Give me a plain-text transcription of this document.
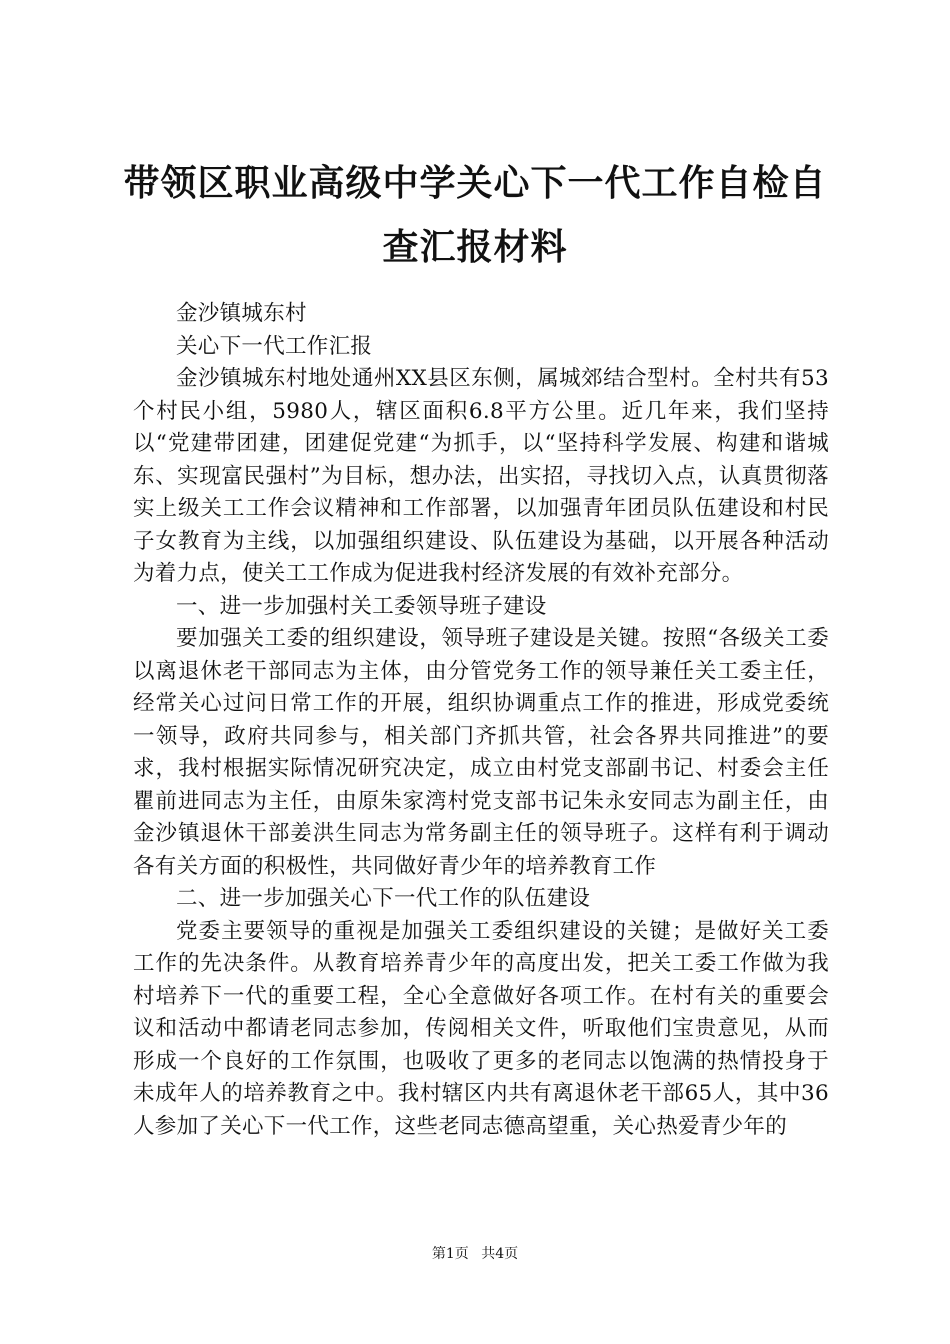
带领区职业高级中学关心下一代工作自检自查汇报材料

金沙镇城东村

关心下一代工作汇报

金沙镇城东村地处通州XX县区东侧，属城郊结合型村。全村共有53个村民小组，5980人，辖区面积6.8平方公里。近几年来，我们坚持以“党建带团建，团建促党建“为抓手，以“坚持科学发展、构建和谐城东、实现富民强村”为目标，想办法，出实招，寻找切入点，认真贯彻落实上级关工工作会议精神和工作部署，以加强青年团员队伍建设和村民子女教育为主线，以加强组织建设、队伍建设为基础，以开展各种活动为着力点，使关工工作成为促进我村经济发展的有效补充部分。

一、进一步加强村关工委领导班子建设

要加强关工委的组织建设，领导班子建设是关键。按照“各级关工委以离退休老干部同志为主体，由分管党务工作的领导兼任关工委主任，经常关心过问日常工作的开展，组织协调重点工作的推进，形成党委统一领导，政府共同参与，相关部门齐抓共管，社会各界共同推进”的要求，我村根据实际情况研究决定，成立由村党支部副书记、村委会主任瞿前进同志为主任，由原朱家湾村党支部书记朱永安同志为副主任，由金沙镇退休干部姜洪生同志为常务副主任的领导班子。这样有利于调动各有关方面的积极性，共同做好青少年的培养教育工作

二、进一步加强关心下一代工作的队伍建设

党委主要领导的重视是加强关工委组织建设的关键；是做好关工委工作的先决条件。从教育培养青少年的高度出发，把关工委工作做为我村培养下一代的重要工程，全心全意做好各项工作。在村有关的重要会议和活动中都请老同志参加，传阅相关文件，听取他们宝贵意见，从而形成一个良好的工作氛围，也吸收了更多的老同志以饱满的热情投身于未成年人的培养教育之中。我村辖区内共有离退休老干部65人，其中36人参加了关心下一代工作，这些老同志德高望重，关心热爱青少年的

第1页 共4页
